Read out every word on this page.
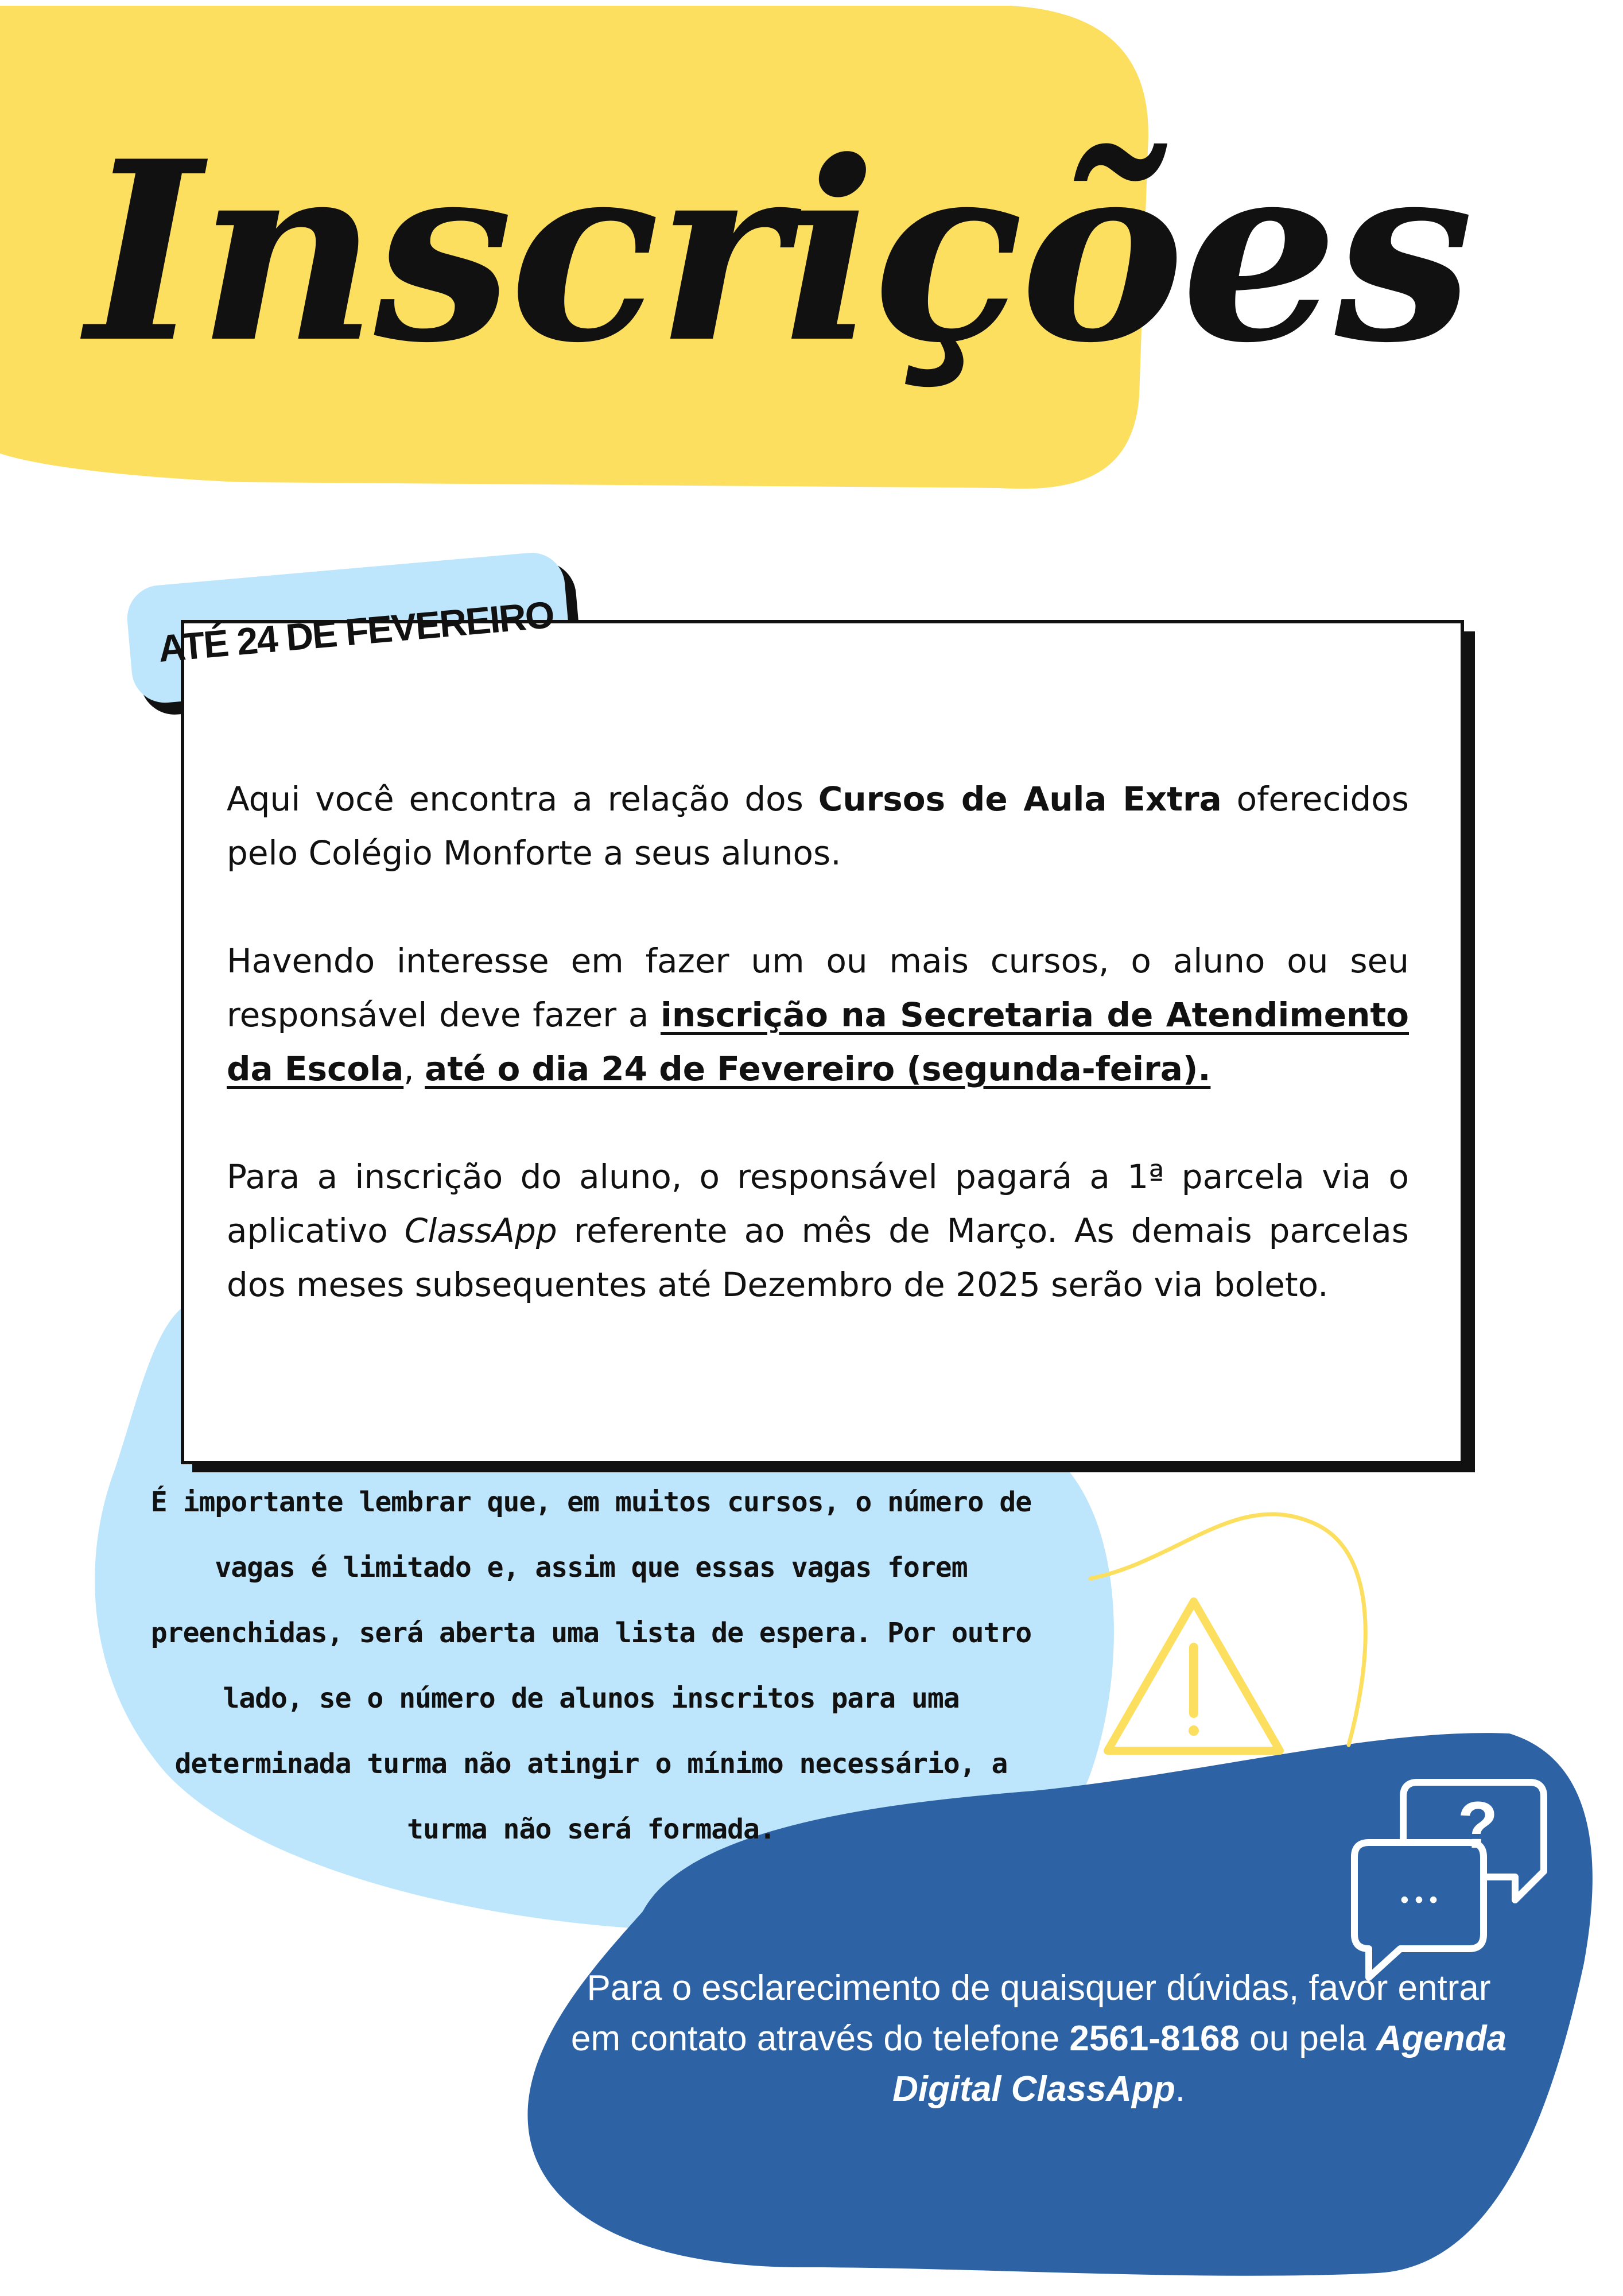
?
• • •
Inscrições
ATÉ 24 DE FEVEREIRO

Aqui você encontra a relação dos Cursos de Aula Extra oferecidos pelo Colégio Monforte a seus alunos.

Havendo interesse em fazer um ou mais cursos, o aluno ou seu responsável deve fazer a inscrição na Secretaria de Atendimento da Escola, até o dia 24 de Fevereiro (segunda-feira).

Para a inscrição do aluno, o responsável pagará a 1ª parcela via o aplicativo ClassApp referente ao mês de Março. As demais parcelas dos meses subsequentes até Dezembro de 2025 serão via boleto.

É importante lembrar que, em muitos cursos, o número de vagas é limitado e, assim que essas vagas forem preenchidas, será aberta uma lista de espera. Por outro lado, se o número de alunos inscritos para uma determinada turma não atingir o mínimo necessário, a turma não será formada.
Para o esclarecimento de quaisquer dúvidas, favor entrar em contato através do telefone 2561-8168 ou pela Agenda Digital ClassApp.
